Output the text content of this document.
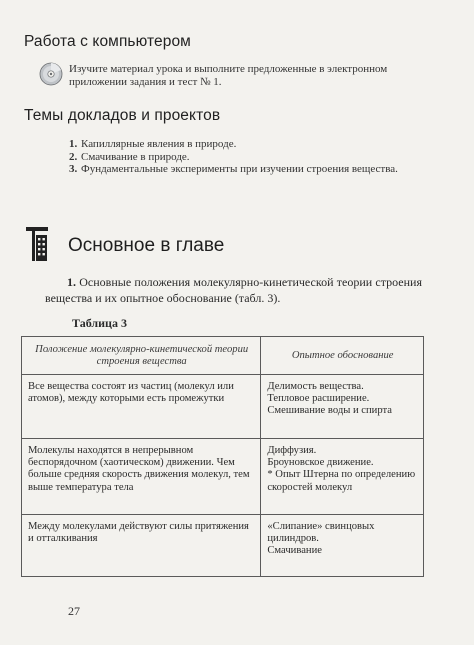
Работа с компьютером
Изучите материал урока и выполните предложенные в электронном приложении задания и тест № 1.
Темы докладов и проектов
1. Капиллярные явления в природе.
2. Смачивание в природе.
3. Фундаментальные эксперименты при изучении строения вещества.
Основное в главе
1. Основные положения молекулярно-кинетической теории строения вещества и их опытное обоснование (табл. 3).
Таблица 3
Положение молекулярно-кинетической теории строения вещества	Опытное обоснование
Все вещества состоят из частиц (молекул или атомов), между которыми есть промежутки	Делимость вещества.
Тепловое расширение.
Смешивание воды и спирта

Молекулы находятся в непрерывном беспорядочном (хаотическом) движении. Чем больше средняя скорость движения молекул, тем выше температура тела	Диффузия.
Броуновское движение.
* Опыт Штерна по определению скоростей молекул

Между молекулами действуют силы притяжения и отталкивания	«Слипание» свинцовых цилиндров.
Смачивание
27
